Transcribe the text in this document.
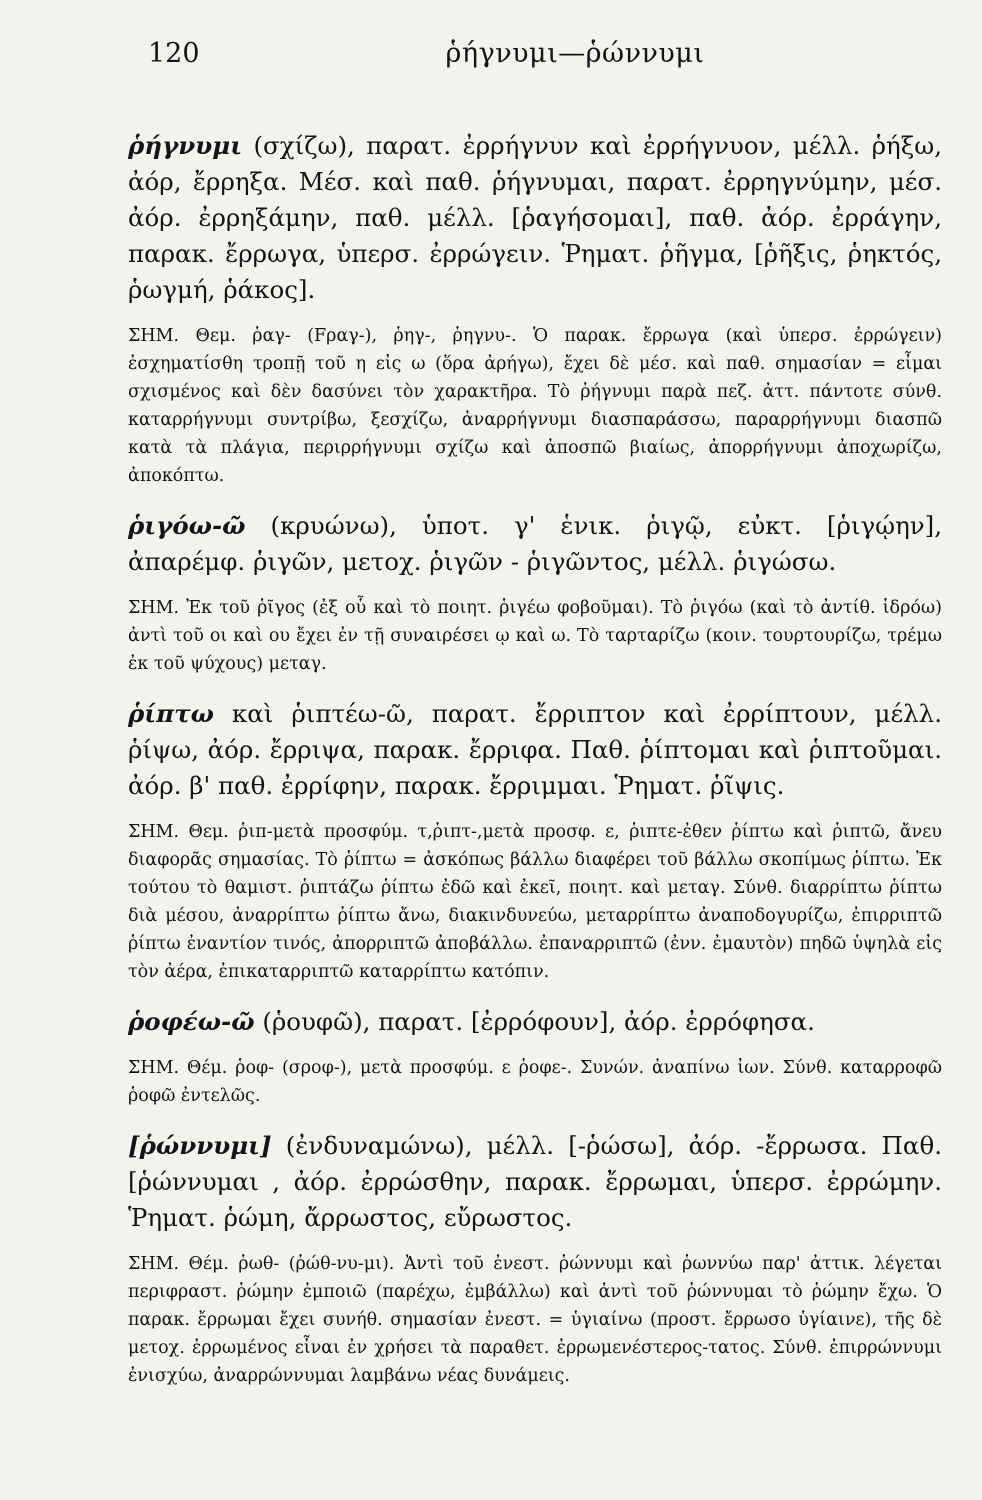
120	ῥήγνυμι—ῥώννυμι

ῥήγνυμι (σχίζω), παρατ. ἐρρήγνυν καὶ ἐρρήγνυον, μέλλ. ῥήξω, ἀόρ, ἔρρηξα. Μέσ. καὶ παθ. ῥήγνυμαι, παρατ. ἐρρηγνύμην, μέσ. ἀόρ. ἐρρηξάμην, παθ. μέλλ. [ῥαγήσομαι], παθ. ἀόρ. ἐρράγην, παρακ. ἔρρωγα, ὑπερσ. ἐρρώγειν. Ῥηματ. ῥῆγμα, [ῥῆξις, ῥηκτός, ῥωγμή, ῥάκος].

ΣΗΜ. Θεμ. ῥαγ- (Fραγ-), ῥηγ-, ῥηγνυ-. Ὁ παρακ. ἔρρωγα (καὶ ὑπερσ. ἐρρώγειν) ἐσχηματίσθη τροπῇ τοῦ η εἰς ω (ὅρα ἀρήγω), ἔχει δὲ μέσ. καὶ παθ. σημασίαν = εἶμαι σχισμένος καὶ δὲν δασύνει τὸν χαρακτῆρα. Τὸ ῥήγνυμι παρὰ πεζ. ἀττ. πάντοτε σύνθ. καταρρήγνυμι συντρίβω, ξεσχίζω, ἀναρρήγνυμι διασπαράσσω, παραρρήγνυμι διασπῶ κατὰ τὰ πλάγια, περιρρήγνυμι σχίζω καὶ ἀποσπῶ βιαίως, ἀπορρήγνυμι ἀποχωρίζω, ἀποκόπτω.

ῥιγόω-ῶ (κρυώνω), ὑποτ. γ' ἑνικ. ῥιγῷ, εὐκτ. [ῥιγῴην], ἀπαρέμφ. ῥιγῶν, μετοχ. ῥιγῶν - ῥιγῶντος, μέλλ. ῥιγώσω.

ΣΗΜ. Ἐκ τοῦ ῥῖγος (ἐξ οὗ καὶ τὸ ποιητ. ῥιγέω φοβοῦμαι). Τὸ ῥιγόω (καὶ τὸ ἀντίθ. ἱδρόω) ἀντὶ τοῦ οι καὶ ου ἔχει ἐν τῇ συναιρέσει ῳ καὶ ω. Τὸ ταρταρίζω (κοιν. τουρτουρίζω, τρέμω ἐκ τοῦ ψύχους) μεταγ.

ῥίπτω καὶ ῥιπτέω-ῶ, παρατ. ἔρριπτον καὶ ἐρρίπτουν, μέλλ. ῥίψω, ἀόρ. ἔρριψα, παρακ. ἔρριφα. Παθ. ῥίπτομαι καὶ ῥιπτοῦμαι. ἀόρ. β' παθ. ἐρρίφην, παρακ. ἔρριμμαι. Ῥηματ. ῥῖψις.

ΣΗΜ. Θεμ. ῥιπ-μετὰ προσφύμ. τ,ῥιπτ-,μετὰ προσφ. ε, ῥιπτε-ἐθεν ῥίπτω καὶ ῥιπτῶ, ἄνευ διαφορᾶς σημασίας. Τὸ ῥίπτω = ἀσκόπως βάλλω διαφέρει τοῦ βάλλω σκοπίμως ῥίπτω. Ἐκ τούτου τὸ θαμιστ. ῥιπτάζω ῥίπτω ἐδῶ καὶ ἐκεῖ, ποιητ. καὶ μεταγ. Σύνθ. διαρρίπτω ῥίπτω διὰ μέσου, ἀναρρίπτω ῥίπτω ἄνω, διακινδυνεύω, μεταρρίπτω ἀναποδογυρίζω, ἐπιρριπτῶ ῥίπτω ἐναντίον τινός, ἀπορριπτῶ ἀποβάλλω. ἐπαναρριπτῶ (ἐνν. ἐμαυτὸν) πηδῶ ὑψηλὰ εἰς τὸν ἀέρα, ἐπικαταρριπτῶ καταρρίπτω κατόπιν.

ῥοφέω-ῶ (ῥουφῶ), παρατ. [ἐρρόφουν], ἀόρ. ἐρρόφησα.

ΣΗΜ. Θέμ. ῥοφ- (σροφ-), μετὰ προσφύμ. ε ῥοφε-. Συνών. ἀναπίνω ἰων. Σύνθ. καταρροφῶ ῥοφῶ ἐντελῶς.

[ῥώννυμι] (ἐνδυναμώνω), μέλλ. [-ῥώσω], ἀόρ. -ἔρρωσα. Παθ. [ῥώννυμαι , ἀόρ. ἐρρώσθην, παρακ. ἔρρωμαι, ὑπερσ. ἐρρώμην. Ῥηματ. ῥώμη, ἄρρωστος, εὔρωστος.

ΣΗΜ. Θέμ. ῥωθ- (ῥώθ-νυ-μι). Ἀντὶ τοῦ ἐνεστ. ῥώννυμι καὶ ῥωννύω παρ' ἀττικ. λέγεται περιφραστ. ῥώμην ἐμποιῶ (παρέχω, ἐμβάλλω) καὶ ἀντὶ τοῦ ῥώννυμαι τὸ ῥώμην ἔχω. Ὁ παρακ. ἔρρωμαι ἔχει συνήθ. σημασίαν ἐνεστ. = ὑγιαίνω (προστ. ἔρρωσο ὑγίαινε), τῆς δὲ μετοχ. ἐρρωμένος εἶναι ἐν χρήσει τὰ παραθετ. ἐρρωμενέστερος-τατος. Σύνθ. ἐπιρρώννυμι ἐνισχύω, ἀναρρώννυμαι λαμβάνω νέας δυνάμεις.
